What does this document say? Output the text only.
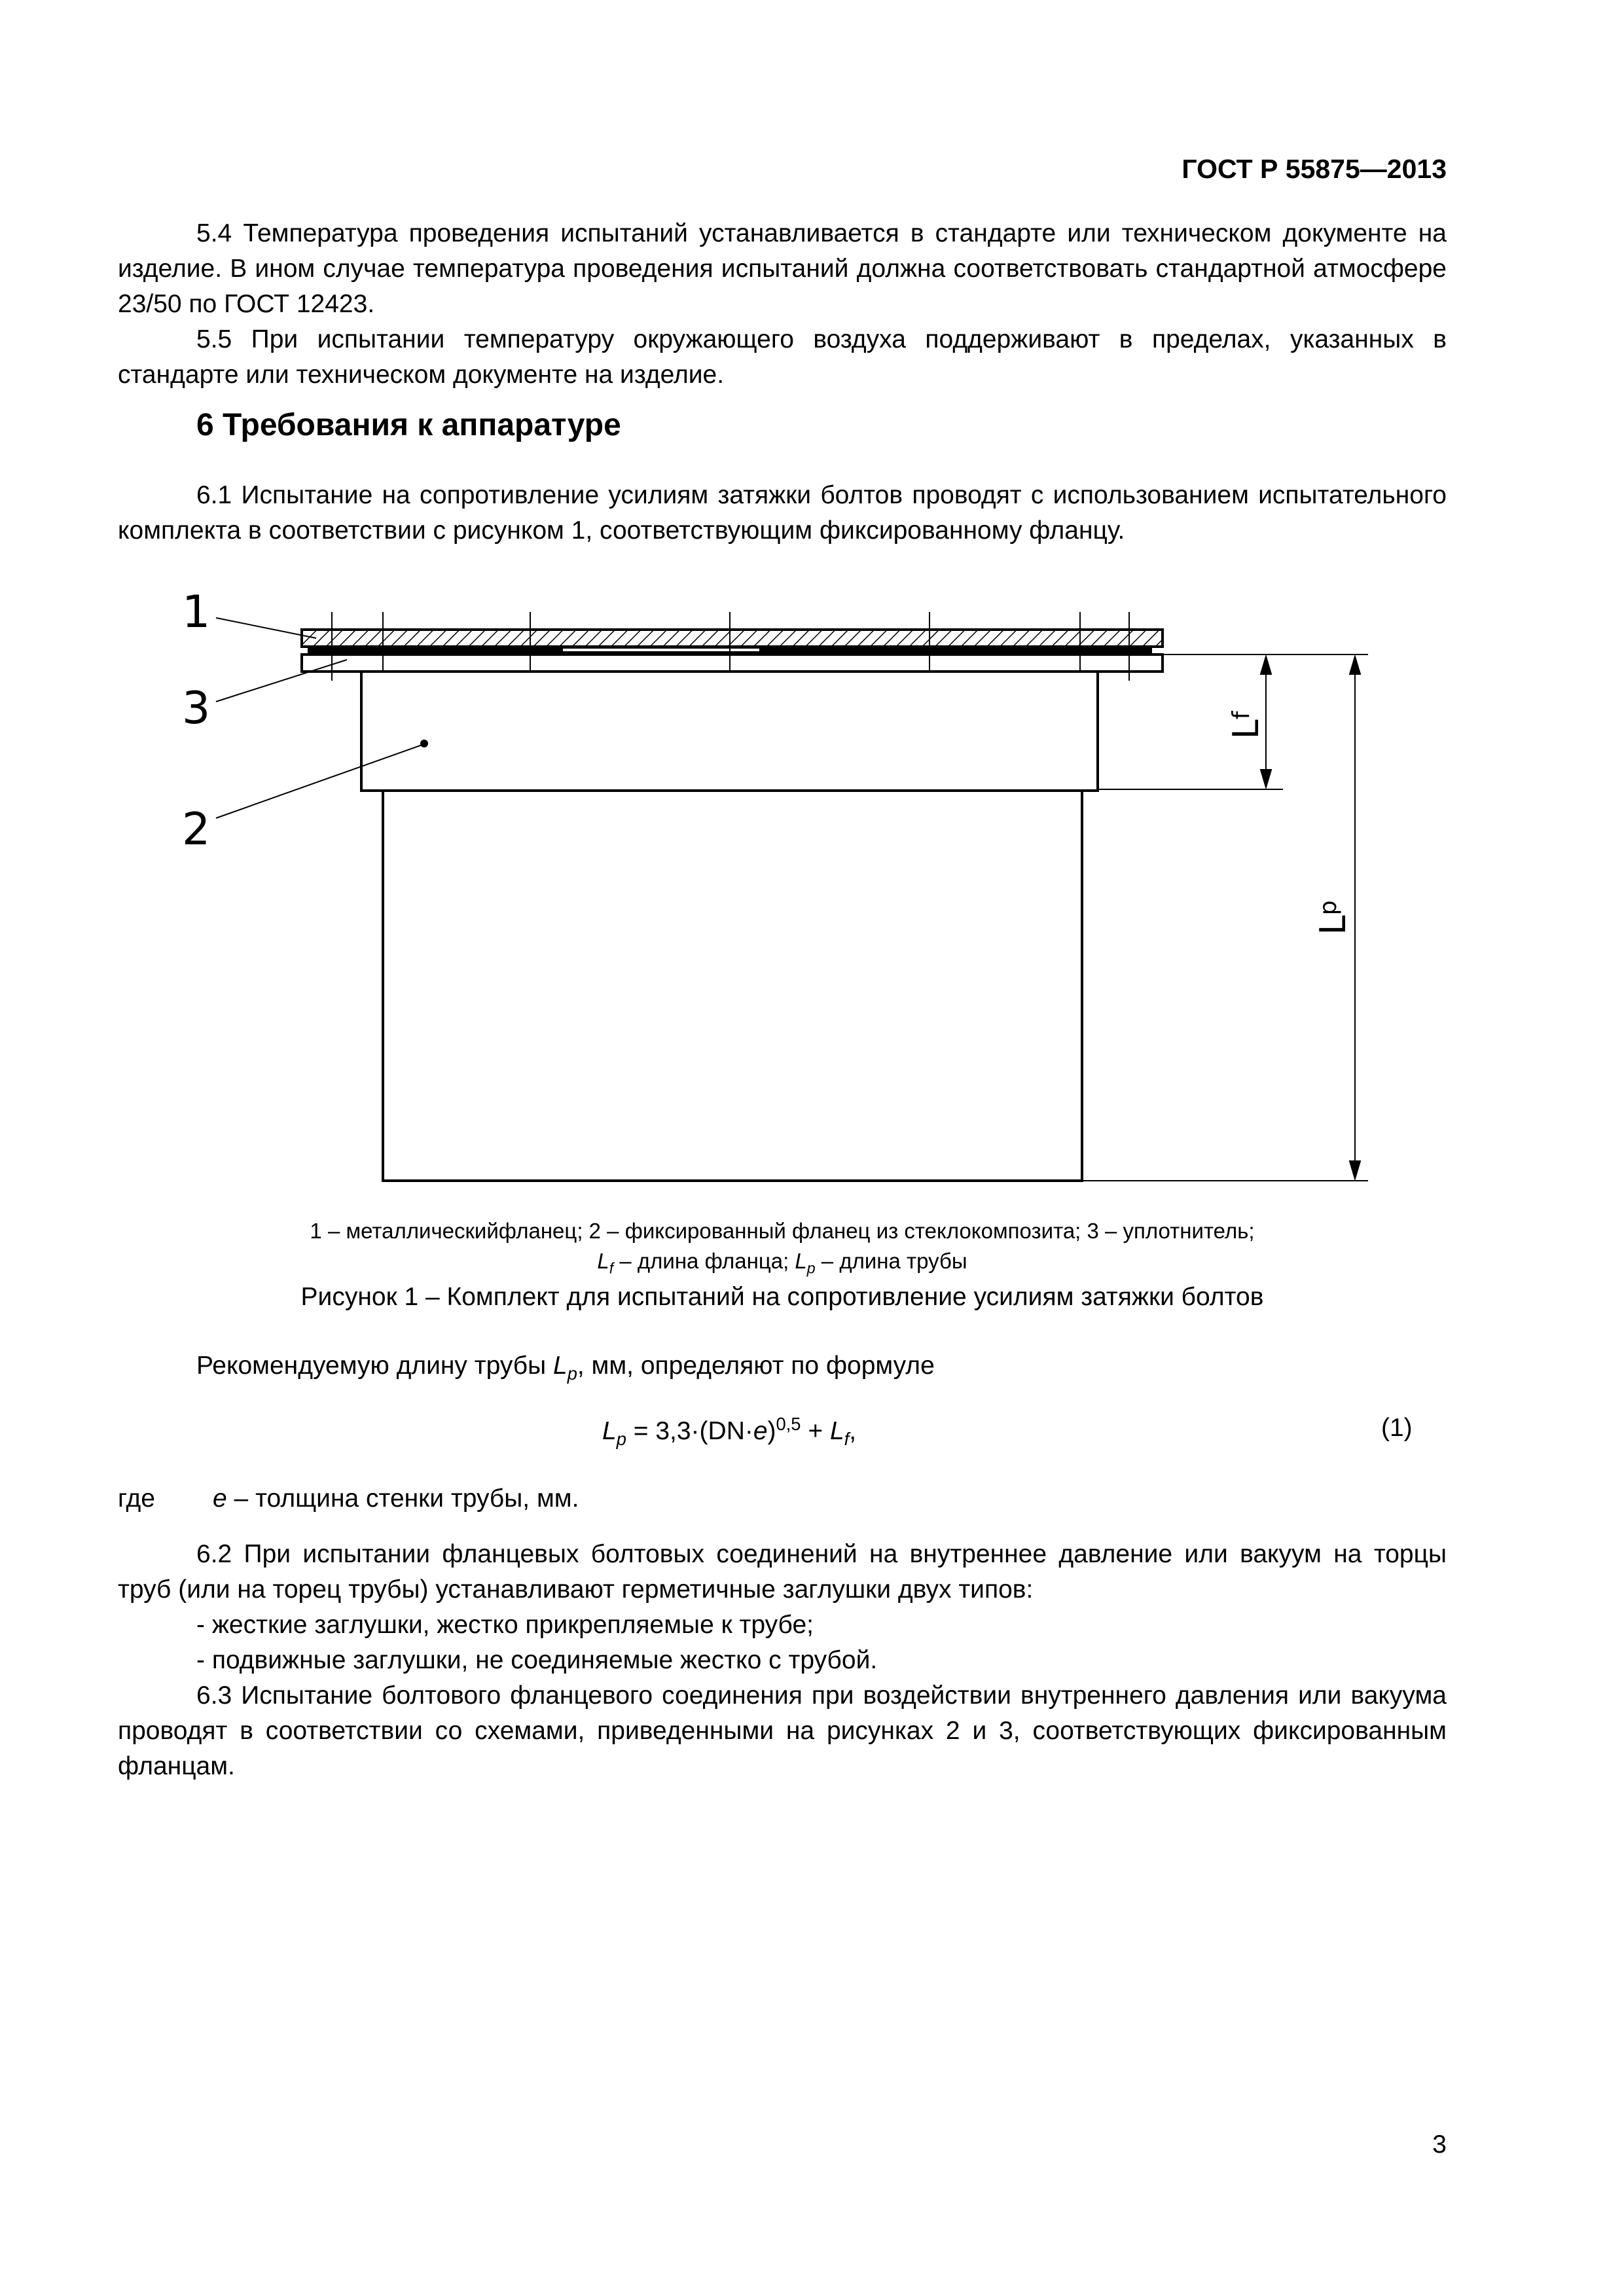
ГОСТ Р 55875—2013
5.4 Температура проведения испытаний устанавливается в стандарте или техническом документе на изделие. В ином случае температура проведения испытаний должна соответствовать стандартной атмосфере 23/50 по ГОСТ 12423.
5.5 При испытании температуру окружающего воздуха поддерживают в пределах, указанных в стандарте или техническом документе на изделие.
6 Требования к аппаратуре
6.1 Испытание на сопротивление усилиям затяжки болтов проводят с использованием испытательного комплекта в соответствии с рисунком 1, соответствующим фиксированному фланцу.
1
3
2
$L^f$
$L^p$
1 – металлическийфланец; 2 – фиксированный фланец из стеклокомпозита; 3 – уплотнитель;
$L_f$ – длина фланца; $L_p$ – длина трубы
Рисунок 1 – Комплект для испытаний на сопротивление усилиям затяжки болтов
Рекомендуемую длину трубы $L_p$, мм, определяют по формуле
$L_p = 3,3\cdot(DN\cdot e)^{0,5} + L_f$,	(1)
где e – толщина стенки трубы, мм.
6.2 При испытании фланцевых болтовых соединений на внутреннее давление или вакуум на торцы труб (или на торец трубы) устанавливают герметичные заглушки двух типов:
- жесткие заглушки, жестко прикрепляемые к трубе;
- подвижные заглушки, не соединяемые жестко с трубой.
6.3 Испытание болтового фланцевого соединения при воздействии внутреннего давления или вакуума проводят в соответствии со схемами, приведенными на рисунках 2 и 3, соответствующих фиксированным фланцам.
3
